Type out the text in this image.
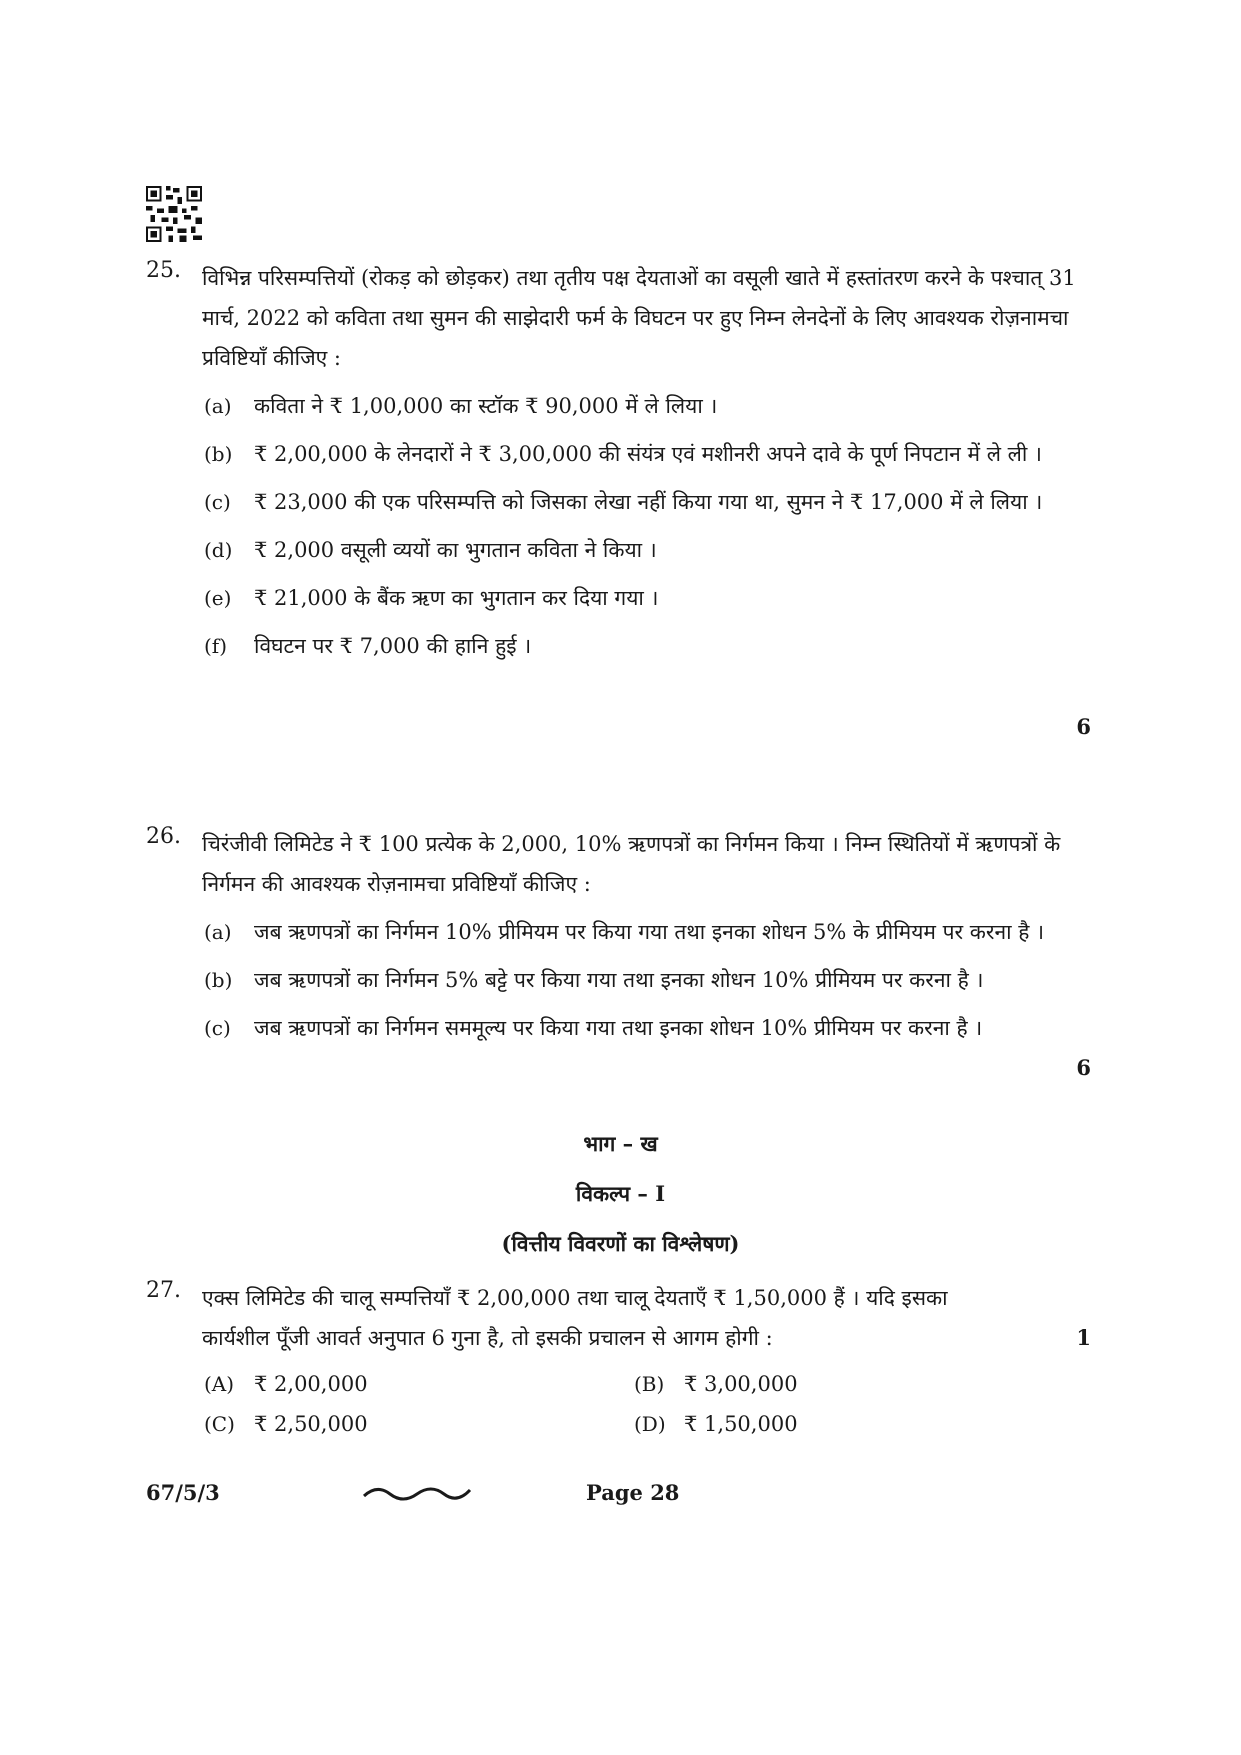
25. विभिन्न परिसम्पत्तियों (रोकड़ को छोड़कर) तथा तृतीय पक्ष देयताओं का वसूली खाते में हस्तांतरण करने के पश्चात् 31 मार्च, 2022 को कविता तथा सुमन की साझेदारी फर्म के विघटन पर हुए निम्न लेनदेनों के लिए आवश्यक रोज़नामचा प्रविष्टियाँ कीजिए :
(a) कविता ने ₹ 1,00,000 का स्टॉक ₹ 90,000 में ले लिया ।
(b) ₹ 2,00,000 के लेनदारों ने ₹ 3,00,000 की संयंत्र एवं मशीनरी अपने दावे के पूर्ण निपटान में ले ली ।
(c) ₹ 23,000 की एक परिसम्पत्ति को जिसका लेखा नहीं किया गया था, सुमन ने ₹ 17,000 में ले लिया ।
(d) ₹ 2,000 वसूली व्ययों का भुगतान कविता ने किया ।
(e) ₹ 21,000 के बैंक ऋण का भुगतान कर दिया गया ।
(f) विघटन पर ₹ 7,000 की हानि हुई ।
6
26. चिरंजीवी लिमिटेड ने ₹ 100 प्रत्येक के 2,000, 10% ऋणपत्रों का निर्गमन किया । निम्न स्थितियों में ऋणपत्रों के निर्गमन की आवश्यक रोज़नामचा प्रविष्टियाँ कीजिए :
(a) जब ऋणपत्रों का निर्गमन 10% प्रीमियम पर किया गया तथा इनका शोधन 5% के प्रीमियम पर करना है ।
(b) जब ऋणपत्रों का निर्गमन 5% बट्टे पर किया गया तथा इनका शोधन 10% प्रीमियम पर करना है ।
(c) जब ऋणपत्रों का निर्गमन सममूल्य पर किया गया तथा इनका शोधन 10% प्रीमियम पर करना है ।
6
भाग – ख
विकल्प – I
(वित्तीय विवरणों का विश्लेषण)
27. एक्स लिमिटेड की चालू सम्पत्तियाँ ₹ 2,00,000 तथा चालू देयताएँ ₹ 1,50,000 हैं । यदि इसका कार्यशील पूँजी आवर्त अनुपात 6 गुना है, तो इसकी प्रचालन से आगम होगी :	1
(A) ₹ 2,00,000	(B) ₹ 3,00,000
(C) ₹ 2,50,000	(D) ₹ 1,50,000
67/5/3	Page 28
